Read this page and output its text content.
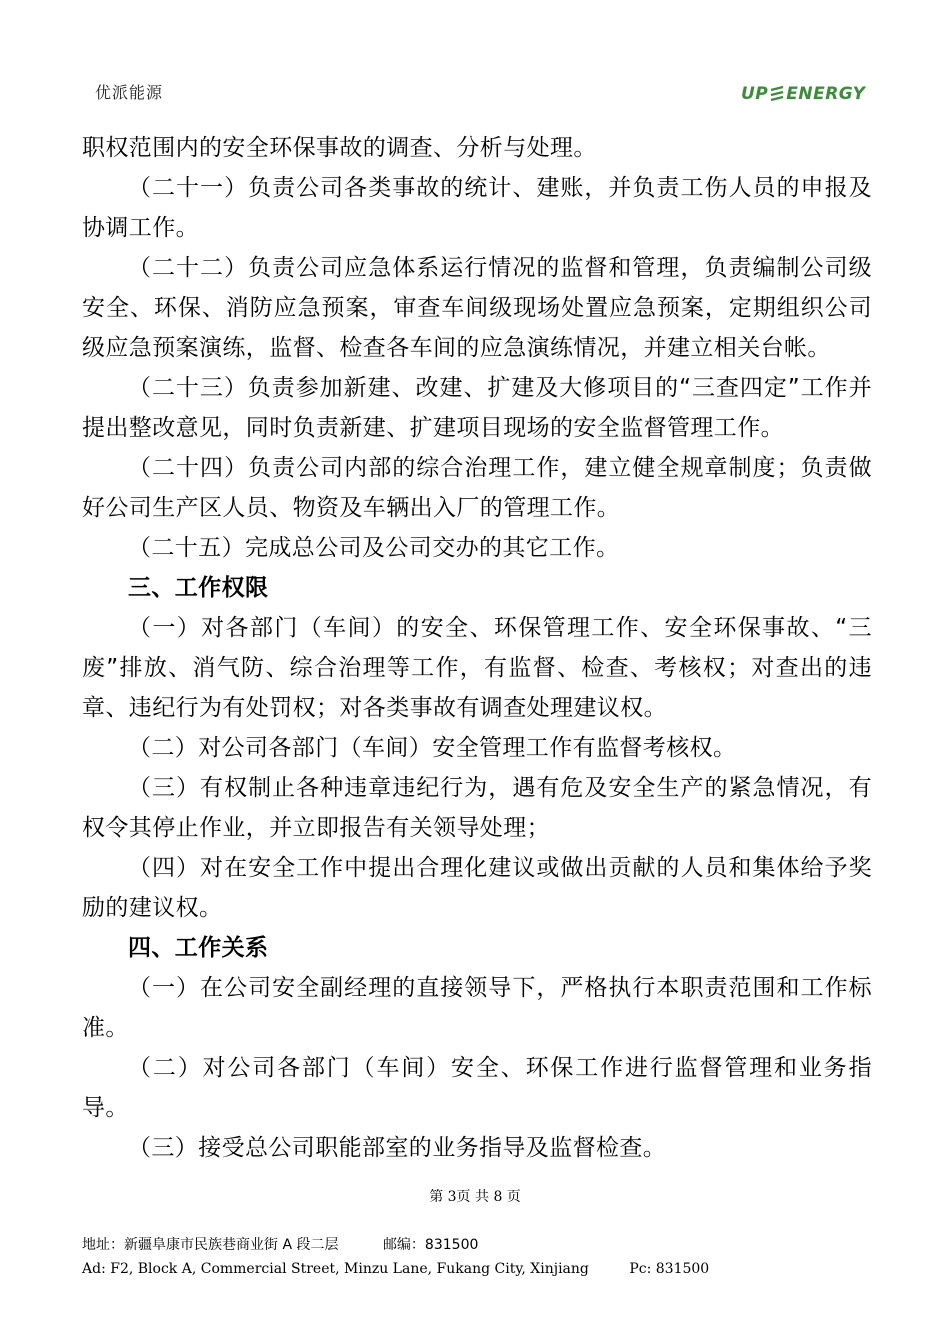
优派能源	UP ENERGY

职权范围内的安全环保事故的调查、分析与处理。

（二十一）负责公司各类事故的统计、建账，并负责工伤人员的申报及协调工作。

（二十二）负责公司应急体系运行情况的监督和管理，负责编制公司级安全、环保、消防应急预案，审查车间级现场处置应急预案，定期组织公司级应急预案演练，监督、检查各车间的应急演练情况，并建立相关台帐。

（二十三）负责参加新建、改建、扩建及大修项目的“三查四定”工作并提出整改意见，同时负责新建、扩建项目现场的安全监督管理工作。

（二十四）负责公司内部的综合治理工作，建立健全规章制度；负责做好公司生产区人员、物资及车辆出入厂的管理工作。

（二十五）完成总公司及公司交办的其它工作。

三、工作权限

（一）对各部门（车间）的安全、环保管理工作、安全环保事故、“三废”排放、消气防、综合治理等工作，有监督、检查、考核权；对查出的违章、违纪行为有处罚权；对各类事故有调查处理建议权。

（二）对公司各部门（车间）安全管理工作有监督考核权。

（三）有权制止各种违章违纪行为，遇有危及安全生产的紧急情况，有权令其停止作业，并立即报告有关领导处理；

（四）对在安全工作中提出合理化建议或做出贡献的人员和集体给予奖励的建议权。

四、工作关系

（一）在公司安全副经理的直接领导下，严格执行本职责范围和工作标准。

（二）对公司各部门（车间）安全、环保工作进行监督管理和业务指导。

（三）接受总公司职能部室的业务指导及监督检查。

第 3页 共 8 页
地址：新疆阜康市民族巷商业街 A 段二层	邮编：831500
Ad: F2, Block A, Commercial Street, Minzu Lane, Fukang City, Xinjiang	Pc: 831500
